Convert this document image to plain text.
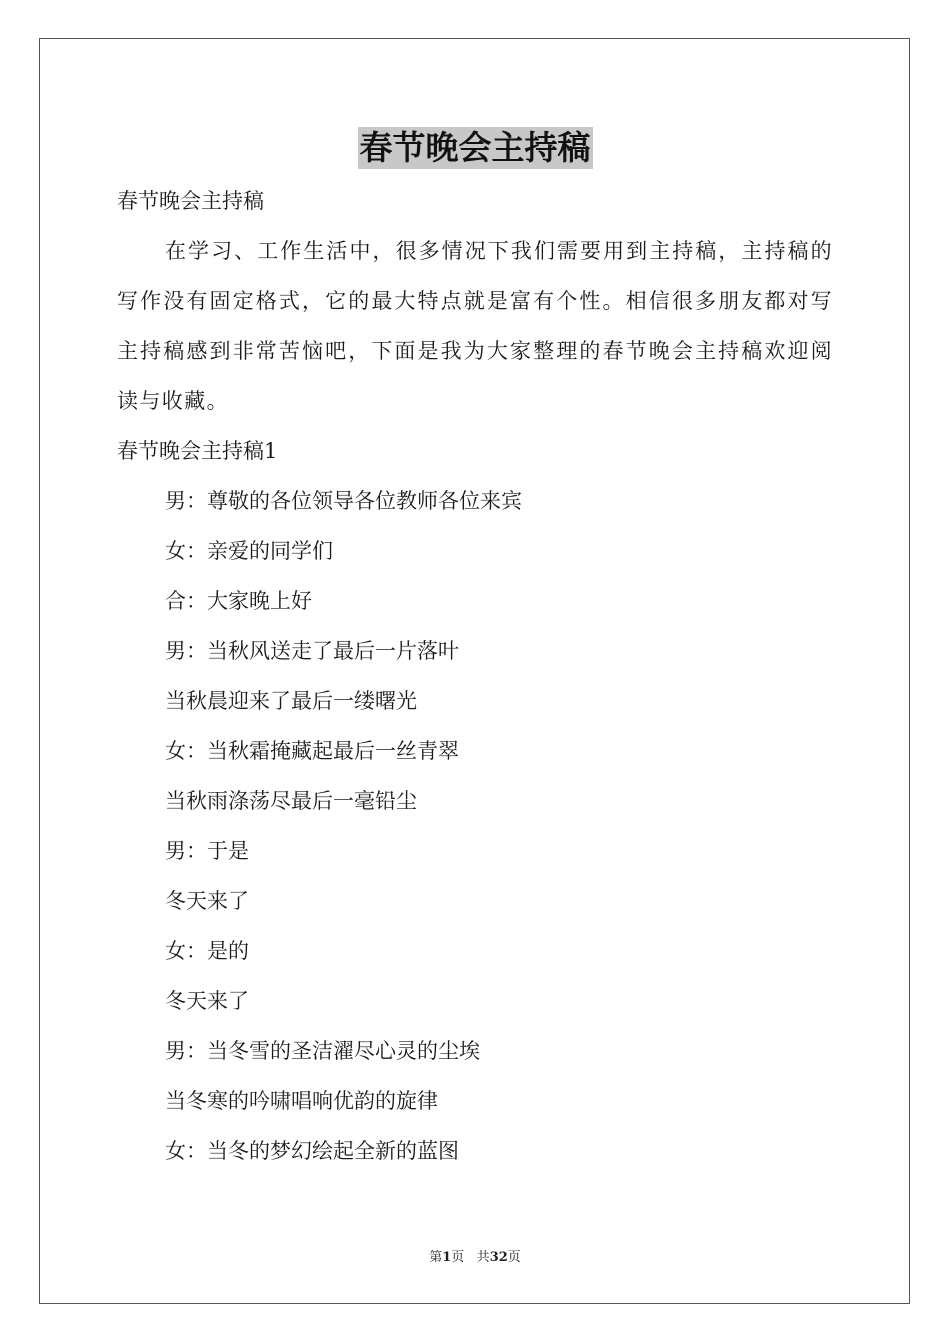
春节晚会主持稿
春节晚会主持稿

在学习、工作生活中，很多情况下我们需要用到主持稿，主持稿的写作没有固定格式，它的最大特点就是富有个性。相信很多朋友都对写主持稿感到非常苦恼吧，下面是我为大家整理的春节晚会主持稿欢迎阅读与收藏。

春节晚会主持稿1
男：尊敬的各位领导各位教师各位来宾
女：亲爱的同学们
合：大家晚上好
男：当秋风送走了最后一片落叶
当秋晨迎来了最后一缕曙光
女：当秋霜掩藏起最后一丝青翠
当秋雨涤荡尽最后一毫铅尘
男：于是
冬天来了
女：是的
冬天来了
男：当冬雪的圣洁濯尽心灵的尘埃
当冬寒的吟啸唱响优韵的旋律
女：当冬的梦幻绘起全新的蓝图
第1页 共32页
